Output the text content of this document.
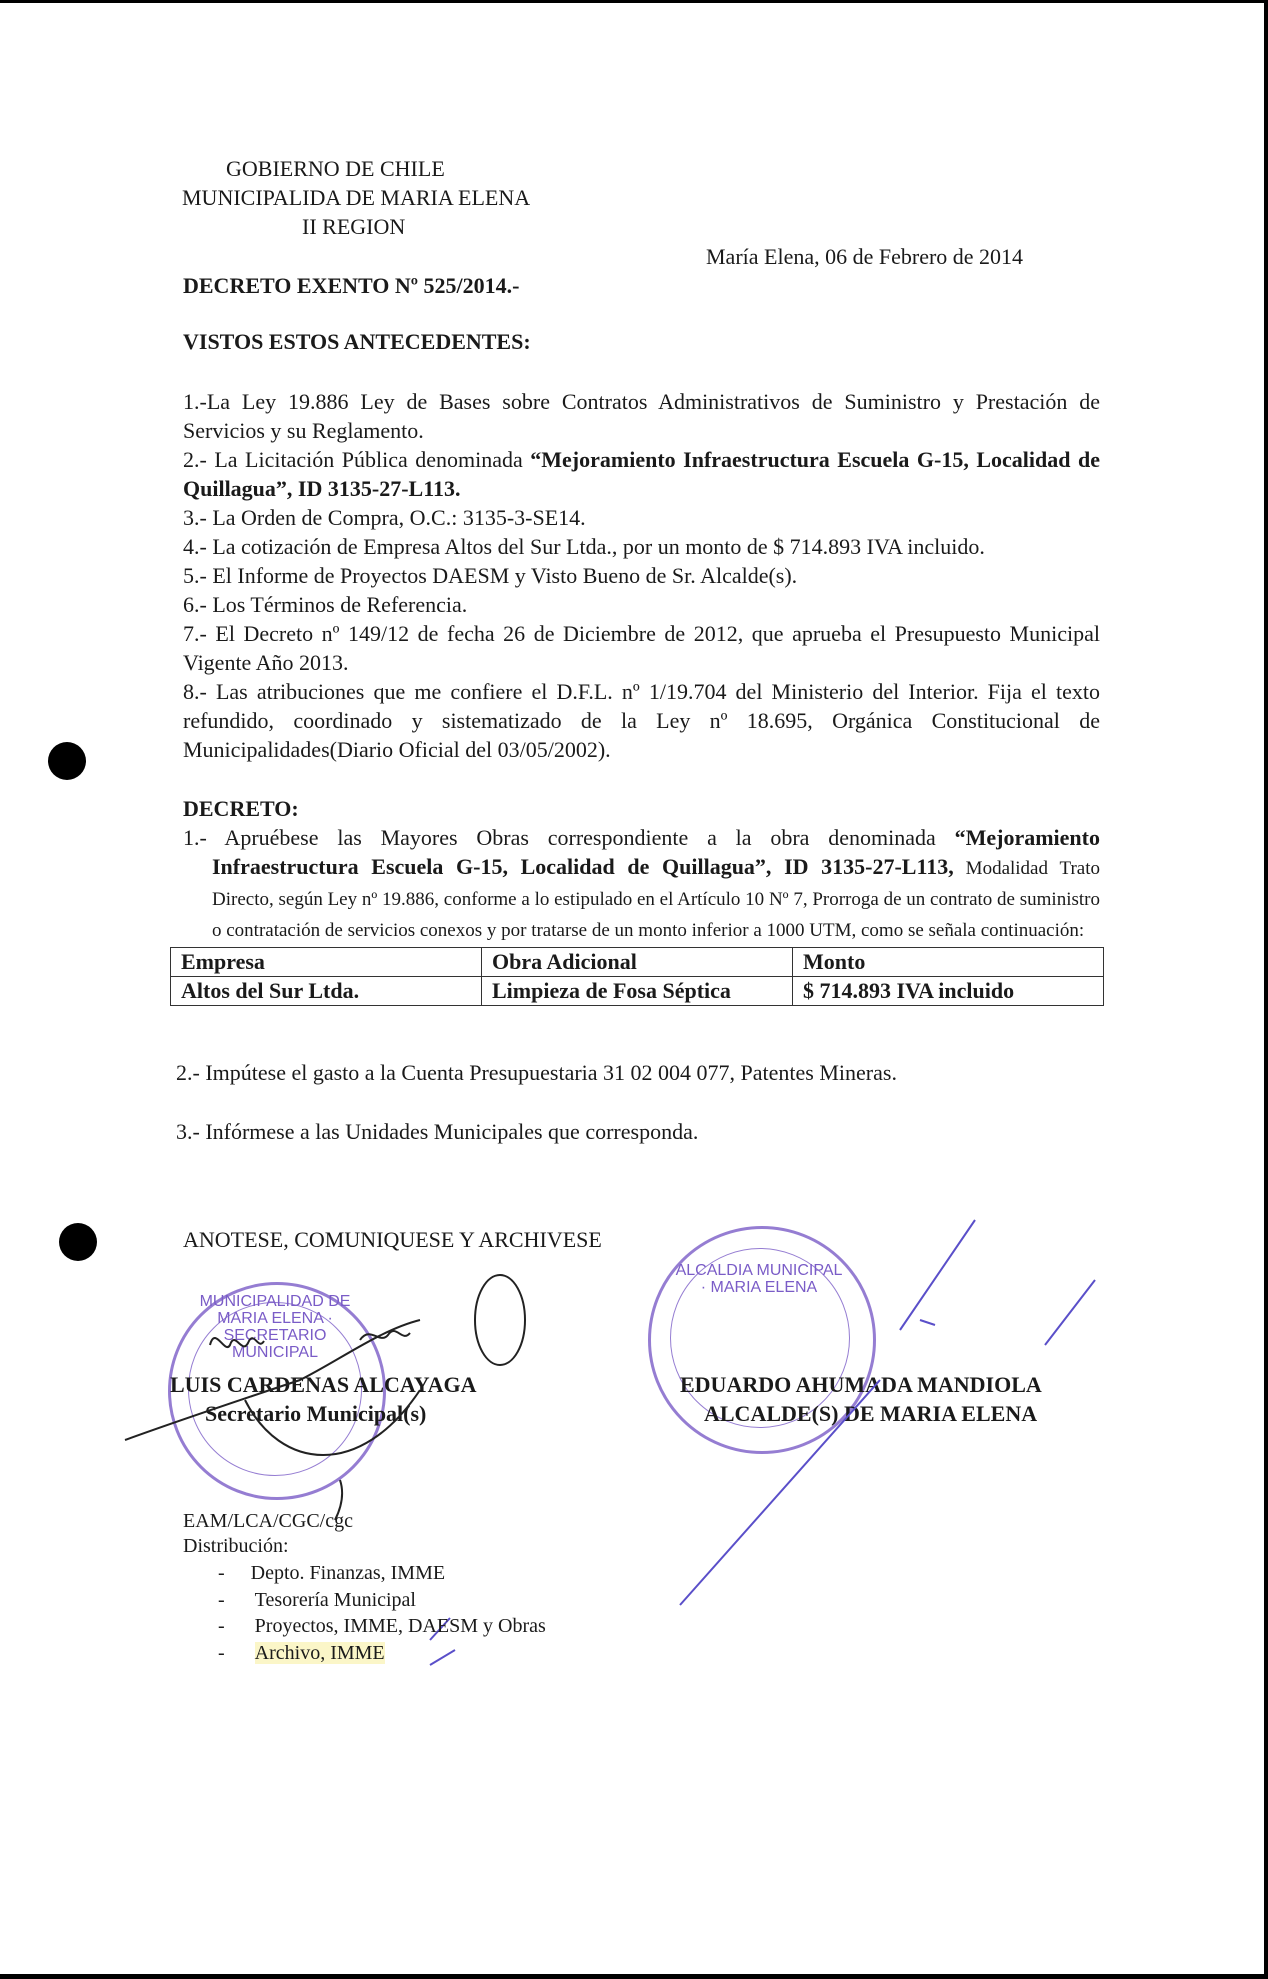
GOBIERNO DE CHILE
MUNICIPALIDA DE MARIA ELENA
II REGION
María Elena, 06 de Febrero de 2014
DECRETO EXENTO Nº 525/2014.-
VISTOS ESTOS ANTECEDENTES:
1.-La Ley 19.886 Ley de Bases sobre Contratos Administrativos de Suministro y Prestación de Servicios y su Reglamento.
2.- La Licitación Pública denominada “Mejoramiento Infraestructura Escuela G-15, Localidad de Quillagua”, ID 3135-27-L113.
3.- La Orden de Compra, O.C.: 3135-3-SE14.
4.- La cotización de Empresa Altos del Sur Ltda., por un monto de $ 714.893 IVA incluido.
5.- El Informe de Proyectos DAESM y Visto Bueno de Sr. Alcalde(s).
6.- Los Términos de Referencia.
7.- El Decreto nº 149/12 de fecha 26 de Diciembre de 2012, que aprueba el Presupuesto Municipal Vigente Año 2013.
8.- Las atribuciones que me confiere el D.F.L. nº 1/19.704 del Ministerio del Interior. Fija el texto refundido, coordinado y sistematizado de la Ley nº 18.695, Orgánica Constitucional de Municipalidades(Diario Oficial del 03/05/2002).
DECRETO:
1.- Apruébese las Mayores Obras correspondiente a la obra denominada “Mejoramiento Infraestructura Escuela G-15, Localidad de Quillagua”, ID 3135-27-L113, Modalidad Trato Directo, según Ley nº 19.886, conforme a lo estipulado en el Artículo 10 Nº 7, Prorroga de un contrato de suministro o contratación de servicios conexos y por tratarse de un monto inferior a 1000 UTM, como se señala continuación:
Empresa	Obra Adicional	Monto
Altos del Sur Ltda.	Limpieza de Fosa Séptica	$ 714.893 IVA incluido
2.- Impútese el gasto a la Cuenta Presupuestaria 31 02 004 077, Patentes Mineras.
3.- Infórmese a las Unidades Municipales que corresponda.
ANOTESE, COMUNIQUESE Y ARCHIVESE
MUNICIPALIDAD DE MARIA ELENA · SECRETARIO MUNICIPAL
ALCALDIA MUNICIPAL · MARIA ELENA
LUIS CARDENAS ALCAYAGA
Secretario Municipal(s)
EDUARDO AHUMADA MANDIOLA
ALCALDE(S) DE MARIA ELENA
EAM/LCA/CGC/cgc
Distribución:
- Depto. Finanzas, IMME
- Tesorería Municipal
- Proyectos, IMME, DAESM y Obras
- Archivo, IMME
